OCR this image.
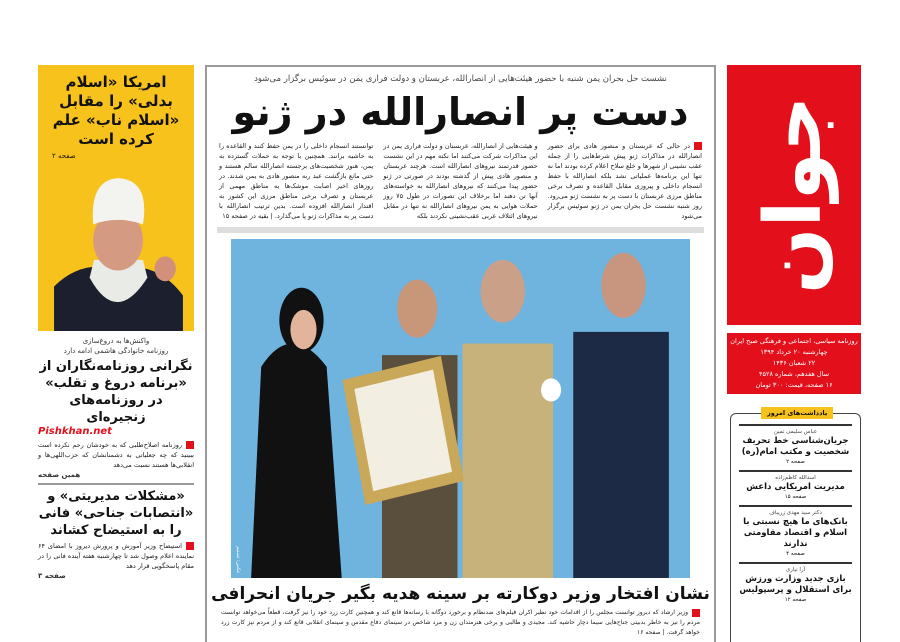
امریکا «اسلام بدلی» را مقابل «اسلام ناب» علم کرده است
صفحه ۲
واکنش‌ها به دروغ‌سازی
روزنامه خانوادگی هاشمی ادامه دارد
نگرانی روزنامه‌نگاران از «برنامه دروغ و تقلب» در روزنامه‌های زنجیره‌ای
Pishkhan.net
روزنامه اصلاح‌طلبی که به خودشان رحم نکرده است ببینید که چه جعلیاتی به دشمنانشان که حزب‌اللهی‌ها و انقلابی‌ها هستند نسبت می‌دهد
همین صفحه
«مشکلات مدیریتی» و «انتصابات جناحی» فانی را به استیضاح کشاند
استیضاح وزیر آموزش و پرورش دیروز با امضای ۶۴ نماینده اعلام وصول شد تا چهارشنبه هفته آینده فانی را در مقام پاسخگویی قرار دهد
صفحه ۳
نشست حل بحران یمن شنبه با حضور هیئت‌هایی از انصارالله، عربستان و دولت فراری یمن در سوئیس برگزار می‌شود
دست پر انصارالله در ژنو
در حالی که عربستان و منصور هادی برای حضور انصارالله در مذاکرات ژنو پیش شرط‌هایی را از جمله عقب نشینی از شهرها و خلع سلاح اعلام کرده بودند اما نه تنها این برنامه‌ها عملیاتی نشد بلکه انصارالله با حفظ انسجام داخلی و پیروزی مقابل القاعده و تصرف برخی مناطق مرزی عربستان با دست پر به نشست ژنو می‌رود. روز شنبه نشست حل بحران یمن در ژنو سوئیس برگزار می‌شود
و هیئت‌هایی از انصارالله، عربستان و دولت فراری یمن در این مذاکرات شرکت می‌کنند اما نکته مهم در این نشست حضور قدرتمند نیروهای انصارالله است. هرچند عربستان و منصور هادی پیش از گذشته بودند در صورتی در ژنو حضور پیدا می‌کنند که نیروهای انصارالله به خواسته‌های آنها تن دهند اما برخلاف این تصورات در طول ۷۵ روز حملات هوایی به یمن نیروهای انصارالله نه تنها در مقابل نیروهای ائتلاف عربی عقب‌نشینی نکردند بلکه
توانستند انسجام داخلی را در یمن حفظ کنند و القاعده را به حاشیه برانند. همچنین با توجه به حملات گسترده به یمن، هنوز شخصیت‌های برجسته انصارالله سالم هستند و حتی مانع بازگشت عبد ربه منصور هادی به یمن شدند. در روزهای اخیر اصابت موشک‌ها به مناطق مهمی از عربستان و تصرف برخی مناطق مرزی این کشور به اقتدار انصارالله افزوده است. بدین ترتیب انصارالله با دست پر به مذاکرات ژنو پا می‌گذارد. | بقیه در صفحه ۱۵
عکس: تسنیم
نشان افتخار وزیر دوکارته بر سینه هدیه بگیر جریان انحرافی
وزیر ارشاد که دیروز توانست مجلس را از اقدامات خود نظیر اکران فیلم‌های ضدنظام و برخورد دوگانه با رسانه‌ها قانع کند و همچنین کارت زرد خود را نیز گرفت، قطعاً می‌خواهد توانست مردم را نیز به خاطر بدبینی جناح‌هایی سیما دچار حاشیه کند. مجیدی و طالبی و برخی هنرمندان زن و مرد شاخص در سینمای دفاع مقدس و سینمای انقلابی قانع کند و از مردم نیز کارت زرد خواهد گرفت. | صفحه ۱۶
جوان
روزنامه سیاسی، اجتماعی و فرهنگی صبح ایران
چهارشنبه ۲۰ خرداد ۱۳۹۴
۲۲ شعبان ۱۴۳۶
سال هفدهم، شماره ۴۵۲۸
۱۶ صفحه، قیمت: ۳۰۰ تومان
یادداشت‌های امروز
عباس سلیمی نمین
جریان‌شناسی خط تحریف شخصیت و مکتب امام(ره)
صفحه ۲
اسدالله کاظم‌زاده
مدیریت امریکایی داعش
صفحه ۱۵
دکتر سید مهدی زریباف
بانک‌های ما هیچ نسبتی با اسلام و اقتصاد مقاومتی ندارند
صفحه ۴
آرا نیاری
بازی جدید وزارت ورزش برای استقلال و پرسپولیس
صفحه ۱۲
